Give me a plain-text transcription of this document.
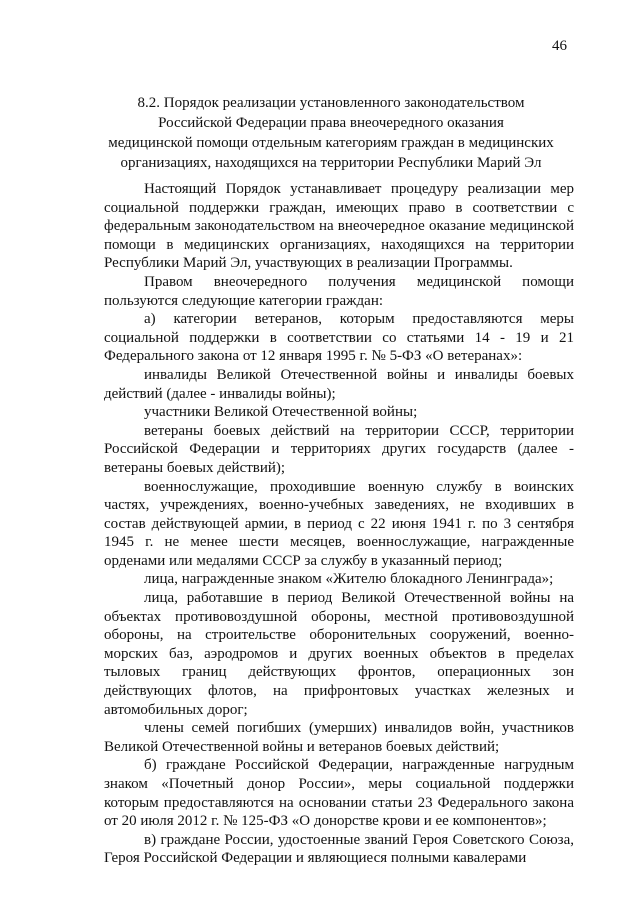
46
8.2. Порядок реализации установленного законодательством
Российской Федерации права внеочередного оказания
медицинской помощи отдельным категориям граждан в медицинских
организациях, находящихся на территории Республики Марий Эл

Настоящий Порядок устанавливает процедуру реализации мер социальной поддержки граждан, имеющих право в соответствии с федеральным законодательством на внеочередное оказание медицинской помощи в медицинских организациях, находящихся на территории Республики Марий Эл, участвующих в реализации Программы.

Правом внеочередного получения медицинской помощи пользуются следующие категории граждан:

а) категории ветеранов, которым предоставляются меры социальной поддержки в соответствии со статьями 14 - 19 и 21 Федерального закона от 12 января 1995 г. № 5-ФЗ «О ветеранах»:

инвалиды Великой Отечественной войны и инвалиды боевых действий (далее - инвалиды войны);

участники Великой Отечественной войны;

ветераны боевых действий на территории СССР, территории Российской Федерации и территориях других государств (далее - ветераны боевых действий);

военнослужащие, проходившие военную службу в воинских частях, учреждениях, военно-учебных заведениях, не входивших в состав действующей армии, в период с 22 июня 1941 г. по 3 сентября 1945 г. не менее шести месяцев, военнослужащие, награжденные орденами или медалями СССР за службу в указанный период;

лица, награжденные знаком «Жителю блокадного Ленинграда»;

лица, работавшие в период Великой Отечественной войны на объектах противовоздушной обороны, местной противовоздушной обороны, на строительстве оборонительных сооружений, военно-морских баз, аэродромов и других военных объектов в пределах тыловых границ действующих фронтов, операционных зон действующих флотов, на прифронтовых участках железных и автомобильных дорог;

члены семей погибших (умерших) инвалидов войн, участников Великой Отечественной войны и ветеранов боевых действий;

б) граждане Российской Федерации, награжденные нагрудным знаком «Почетный донор России», меры социальной поддержки которым предоставляются на основании статьи 23 Федерального закона от 20 июля 2012 г. № 125-ФЗ «О донорстве крови и ее компонентов»;

в) граждане России, удостоенные званий Героя Советского Союза, Героя Российской Федерации и являющиеся полными кавалерами
